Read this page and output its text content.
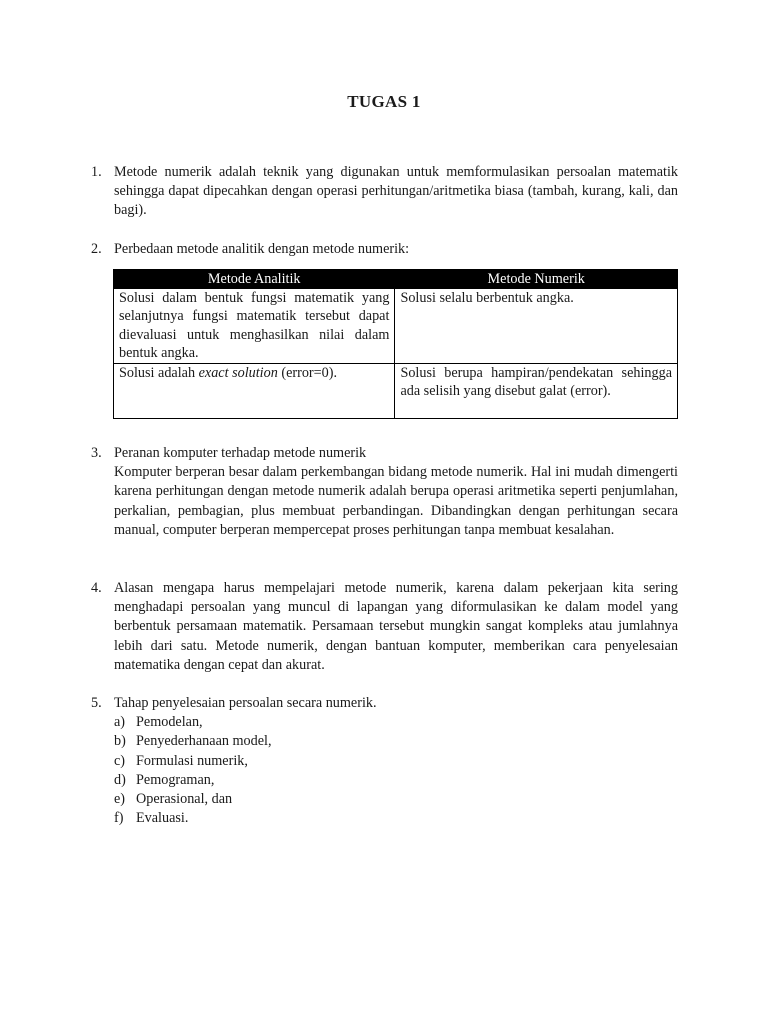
TUGAS 1
1. Metode numerik adalah teknik yang digunakan untuk memformulasikan persoalan matematik sehingga dapat dipecahkan dengan operasi perhitungan/aritmetika biasa (tambah, kurang, kali, dan bagi).
2. Perbedaan metode analitik dengan metode numerik:
Metode Analitik	Metode Numerik
Solusi dalam bentuk fungsi matematik yang selanjutnya fungsi matematik tersebut dapat dievaluasi untuk menghasilkan nilai dalam bentuk angka.	Solusi selalu berbentuk angka.
Solusi adalah exact solution (error=0).	Solusi berupa hampiran/pendekatan sehingga ada selisih yang disebut galat (error).
3. Peranan komputer terhadap metode numerik
Komputer berperan besar dalam perkembangan bidang metode numerik. Hal ini mudah dimengerti karena perhitungan dengan metode numerik adalah berupa operasi aritmetika seperti penjumlahan, perkalian, pembagian, plus membuat perbandingan. Dibandingkan dengan perhitungan secara manual, computer berperan mempercepat proses perhitungan tanpa membuat kesalahan.
4. Alasan mengapa harus mempelajari metode numerik, karena dalam pekerjaan kita sering menghadapi persoalan yang muncul di lapangan yang diformulasikan ke dalam model yang berbentuk persamaan matematik. Persamaan tersebut mungkin sangat kompleks atau jumlahnya lebih dari satu. Metode numerik, dengan bantuan komputer, memberikan cara penyelesaian matematika dengan cepat dan akurat.
5. Tahap penyelesaian persoalan secara numerik.
a) Pemodelan,
b) Penyederhanaan model,
c) Formulasi numerik,
d) Pemograman,
e) Operasional, dan
f) Evaluasi.
